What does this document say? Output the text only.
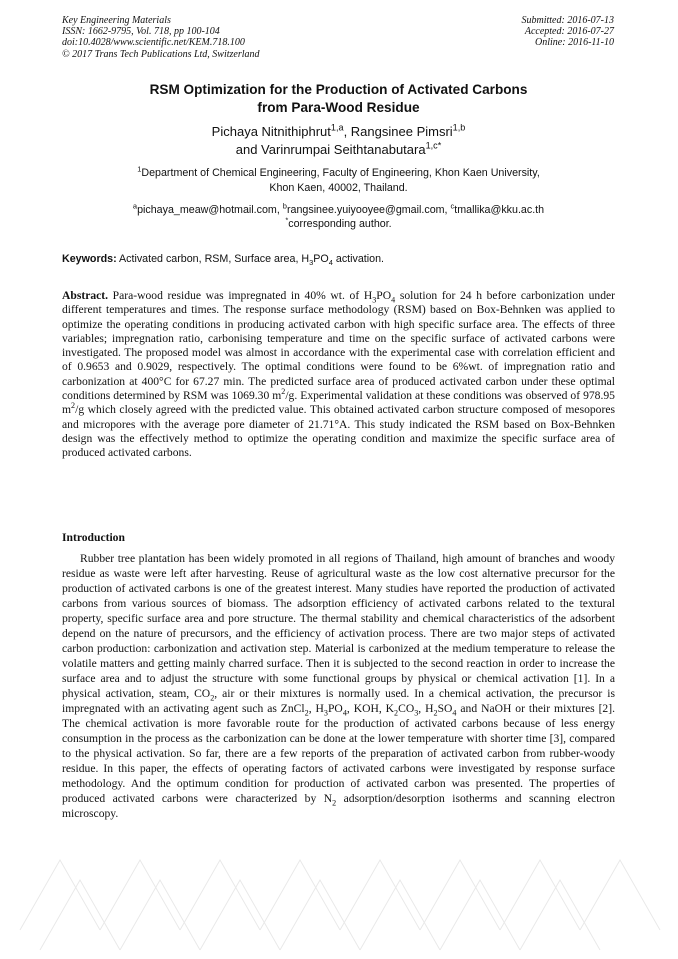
Key Engineering Materials
ISSN: 1662-9795, Vol. 718, pp 100-104
doi:10.4028/www.scientific.net/KEM.718.100
© 2017 Trans Tech Publications Ltd, Switzerland
Submitted: 2016-07-13
Accepted: 2016-07-27
Online: 2016-11-10
RSM Optimization for the Production of Activated Carbons
from Para-Wood Residue
Pichaya Nitnithiphrut$^{1,a}$, Rangsinee Pimsri$^{1,b}$
and Varinrumpai Seithtanabutara$^{1,c*}$
$^1$Department of Chemical Engineering, Faculty of Engineering, Khon Kaen University,
Khon Kaen, 40002, Thailand.
$^a$pichaya_meaw@hotmail.com, $^b$rangsinee.yuiyooyee@gmail.com, $^c$tmallika@kku.ac.th
*corresponding author.
Keywords: Activated carbon, RSM, Surface area, $H_3PO_4$ activation.
Abstract. Para-wood residue was impregnated in 40% wt. of $H_3PO_4$ solution for 24 h before carbonization under different temperatures and times. The response surface methodology (RSM) based on Box-Behnken was applied to optimize the operating conditions in producing activated carbon with high specific surface area. The effects of three variables; impregnation ratio, carbonising temperature and time on the specific surface of activated carbons were investigated. The proposed model was almost in accordance with the experimental case with correlation efficient and of 0.9653 and 0.9029, respectively. The optimal conditions were found to be 6%wt. of impregnation ratio and carbonization at 400°C for 67.27 min. The predicted surface area of produced activated carbon under these optimal conditions determined by RSM was 1069.30 $m^2/g$. Experimental validation at these conditions was observed of 978.95 $m^2/g$ which closely agreed with the predicted value. This obtained activated carbon structure composed of mesopores and micropores with the average pore diameter of 21.71°A. This study indicated the RSM based on Box-Behnken design was the effectively method to optimize the operating condition and maximize the specific surface area of produced activated carbons.
Introduction
Rubber tree plantation has been widely promoted in all regions of Thailand, high amount of branches and woody residue as waste were left after harvesting. Reuse of agricultural waste as the low cost alternative precursor for the production of activated carbons is one of the greatest interest. Many studies have reported the production of activated carbons from various sources of biomass. The adsorption efficiency of activated carbons related to the textural property, specific surface area and pore structure. The thermal stability and chemical characteristics of the adsorbent depend on the nature of precursors, and the efficiency of activation process. There are two major steps of activated carbon production: carbonization and activation step. Material is carbonized at the medium temperature to release the volatile matters and getting mainly charred surface. Then it is subjected to the second reaction in order to increase the surface area and to adjust the structure with some functional groups by physical or chemical activation [1]. In a physical activation, steam, $CO_2$, air or their mixtures is normally used. In a chemical activation, the precursor is impregnated with an activating agent such as ZnCl$_2$, $H_3PO_4$, KOH, $K_2CO_3$, $H_2SO_4$ and NaOH or their mixtures [2]. The chemical activation is more favorable route for the production of activated carbons because of less energy consumption in the process as the carbonization can be done at the lower temperature with shorter time [3], compared to the physical activation. So far, there are a few reports of the preparation of activated carbon from rubber-woody residue. In this paper, the effects of operating factors of activated carbons were investigated by response surface methodology. And the optimum condition for production of activated carbon was presented. The properties of produced activated carbons were characterized by $N_2$ adsorption/desorption isotherms and scanning electron microscopy.
